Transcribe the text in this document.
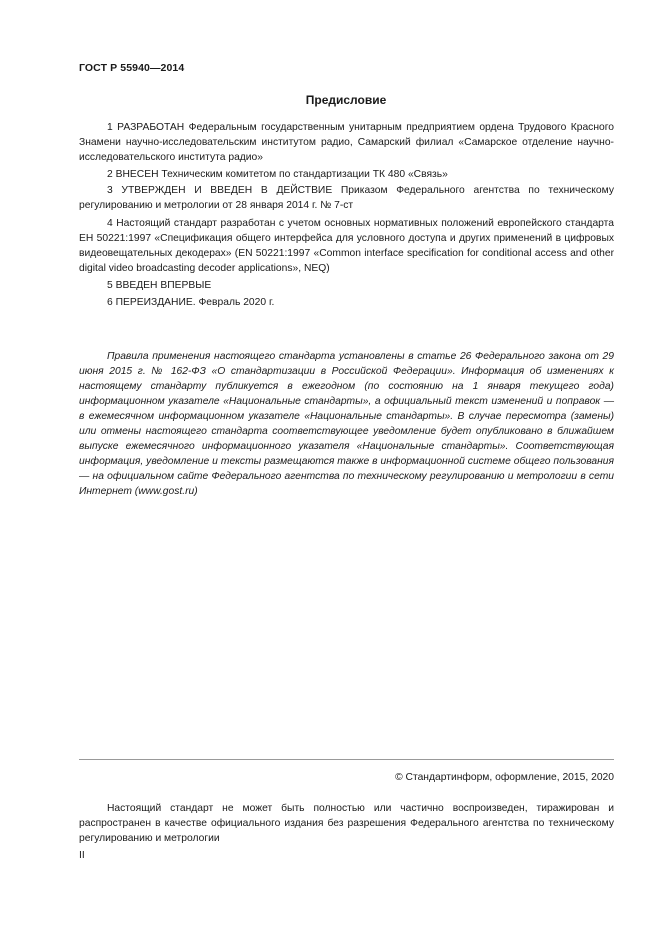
ГОСТ Р 55940—2014
Предисловие
1 РАЗРАБОТАН Федеральным государственным унитарным предприятием ордена Трудового Красного Знамени научно-исследовательским институтом радио, Самарский филиал «Самарское отделение научно-исследовательского института радио»
2 ВНЕСЕН Техническим комитетом по стандартизации ТК 480 «Связь»
3 УТВЕРЖДЕН И ВВЕДЕН В ДЕЙСТВИЕ Приказом Федерального агентства по техническому регулированию и метрологии от 28 января 2014 г. № 7-ст
4 Настоящий стандарт разработан с учетом основных нормативных положений европейского стандарта ЕН 50221:1997 «Спецификация общего интерфейса для условного доступа и других применений в цифровых видеовещательных декодерах» (EN 50221:1997 «Common interface specification for conditional access and other digital video broadcasting decoder applications», NEQ)
5 ВВЕДЕН ВПЕРВЫЕ
6 ПЕРЕИЗДАНИЕ. Февраль 2020 г.
Правила применения настоящего стандарта установлены в статье 26 Федерального закона от 29 июня 2015 г. № 162-ФЗ «О стандартизации в Российской Федерации». Информация об изменениях к настоящему стандарту публикуется в ежегодном (по состоянию на 1 января текущего года) информационном указателе «Национальные стандарты», а официальный текст изменений и поправок — в ежемесячном информационном указателе «Национальные стандарты». В случае пересмотра (замены) или отмены настоящего стандарта соответствующее уведомление будет опубликовано в ближайшем выпуске ежемесячного информационного указателя «Национальные стандарты». Соответствующая информация, уведомление и тексты размещаются также в информационной системе общего пользования — на официальном сайте Федерального агентства по техническому регулированию и метрологии в сети Интернет (www.gost.ru)
© Стандартинформ, оформление, 2015, 2020
Настоящий стандарт не может быть полностью или частично воспроизведен, тиражирован и распространен в качестве официального издания без разрешения Федерального агентства по техническому регулированию и метрологии
II
